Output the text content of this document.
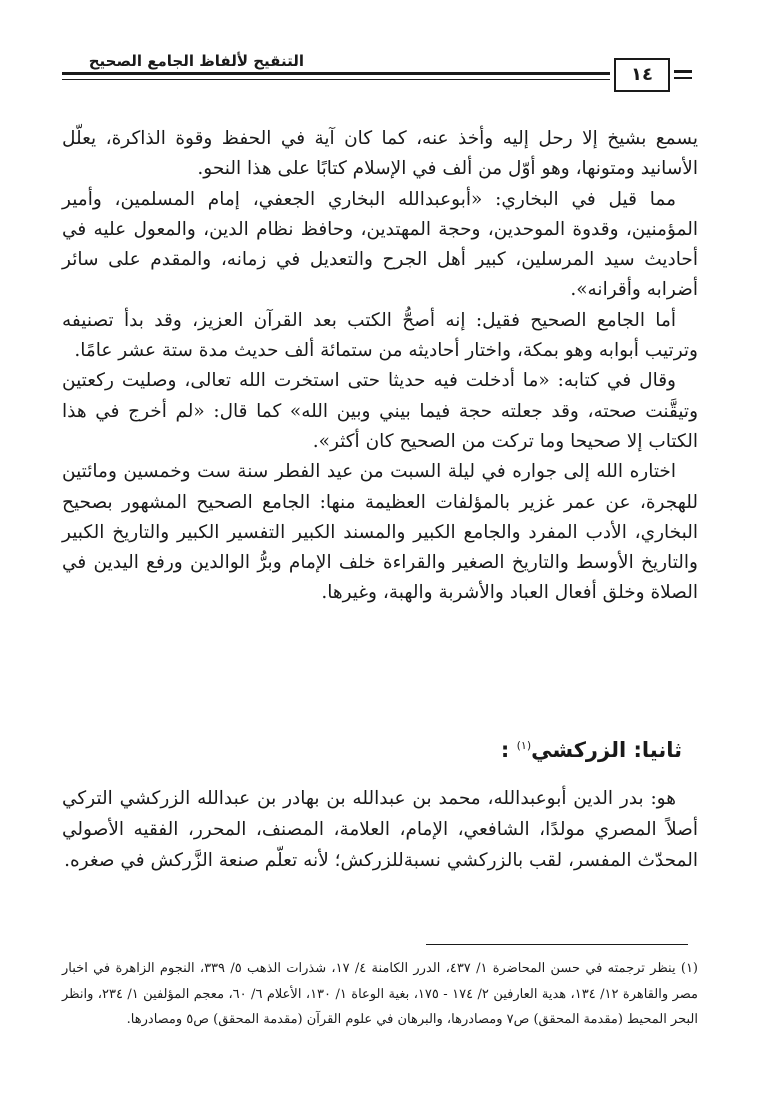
التنقيح لألفاظ الجامع الصحيح
١٤

يسمع بشيخ إلا رحل إليه وأخذ عنه، كما كان آية في الحفظ وقوة الذاكرة، يعلّل الأسانيد ومتونها، وهو أوّل من ألف في الإسلام كتابًا على هذا النحو.

مما قيل في البخاري: «أبوعبدالله البخاري الجعفي، إمام المسلمين، وأمير المؤمنين، وقدوة الموحدين، وحجة المهتدين، وحافظ نظام الدين، والمعول عليه في أحاديث سيد المرسلين، كبير أهل الجرح والتعديل في زمانه، والمقدم على سائر أضرابه وأقرانه».

أما الجامع الصحيح فقيل: إنه أصحُّ الكتب بعد القرآن العزيز، وقد بدأ تصنيفه وترتيب أبوابه وهو بمكة، واختار أحاديثه من ستمائة ألف حديث مدة ستة عشر عامًا.

وقال في كتابه: «ما أدخلت فيه حديثا حتى استخرت الله تعالى، وصليت ركعتين وتيقَّنت صحته، وقد جعلته حجة فيما بيني وبين الله» كما قال: «لم أخرج في هذا الكتاب إلا صحيحا وما تركت من الصحيح كان أكثر».

اختاره الله إلى جواره في ليلة السبت من عيد الفطر سنة ست وخمسين ومائتين للهجرة، عن عمر غزير بالمؤلفات العظيمة منها: الجامع الصحيح المشهور بصحيح البخاري، الأدب المفرد والجامع الكبير والمسند الكبير التفسير الكبير والتاريخ الكبير والتاريخ الأوسط والتاريخ الصغير والقراءة خلف الإمام وبرُّ الوالدين ورفع اليدين في الصلاة وخلق أفعال العباد والأشربة والهبة، وغيرها.

ثانيا: الزركشي$^{(١)}$ :

هو: بدر الدين أبوعبدالله، محمد بن عبدالله بن بهادر بن عبدالله الزركشي التركي أصلاً المصري مولدًا، الشافعي، الإمام، العلامة، المصنف، المحرر، الفقيه الأصولي المحدّث المفسر، لقب بالزركشي نسبةللزركش؛ لأنه تعلّم صنعة الزَّركش في صغره.

(١) ينظر ترجمته في حسن المحاضرة ١/ ٤٣٧، الدرر الكامنة ٤/ ١٧، شذرات الذهب ٥/ ٣٣٩، النجوم الزاهرة في اخبار مصر والقاهرة ١٢/ ١٣٤، هدية العارفين ٢/ ١٧٤ - ١٧٥، بغية الوعاة ١/ ١٣٠، الأعلام ٦/ ٦٠، معجم المؤلفين ١/ ٢٣٤، وانظر البحر المحيط (مقدمة المحقق) ص٧ ومصادرها، والبرهان في علوم القرآن (مقدمة المحقق) ص٥ ومصادرها.
